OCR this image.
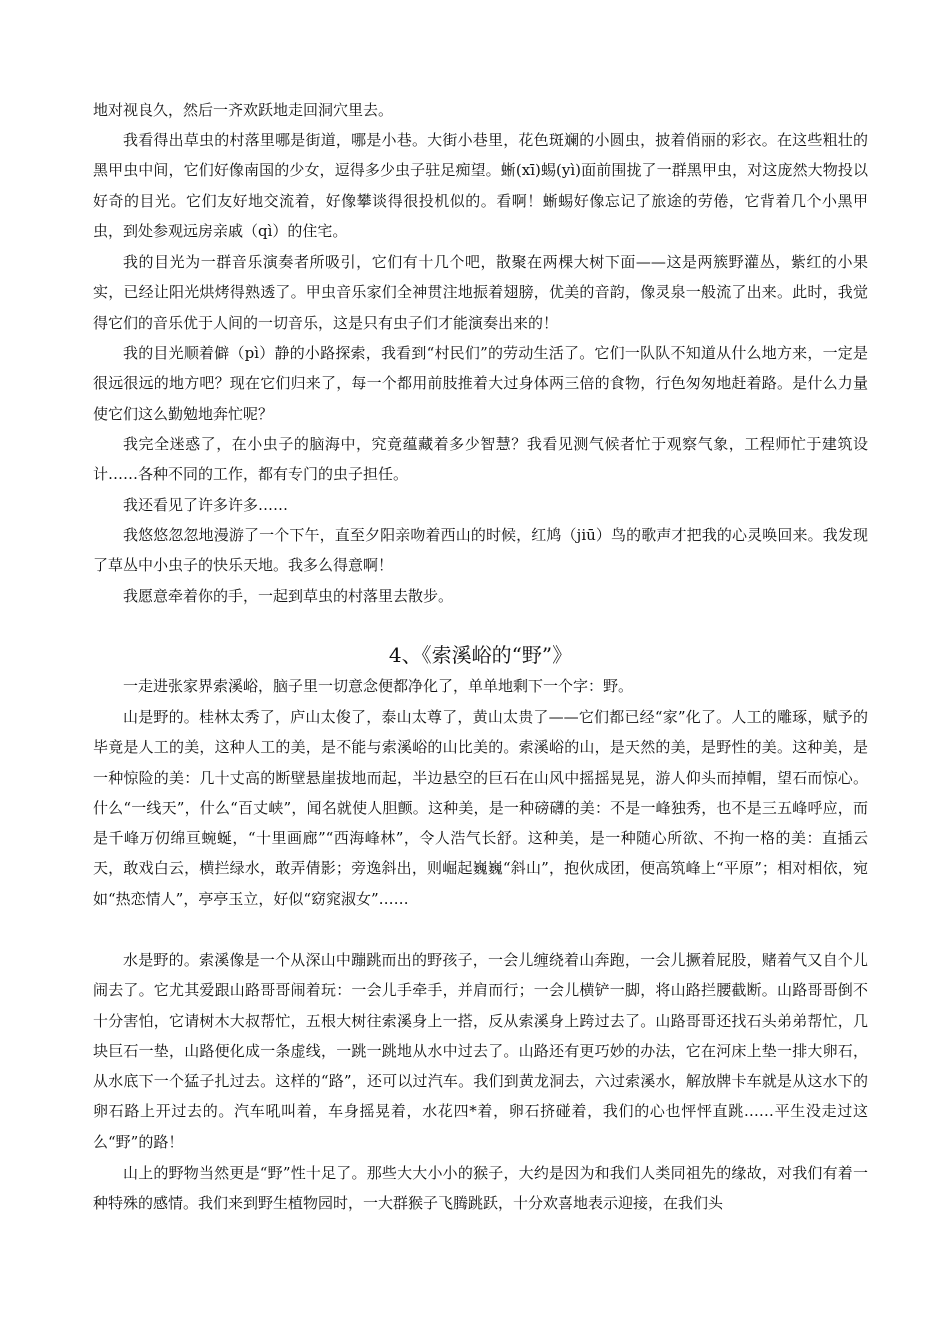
地对视良久，然后一齐欢跃地走回洞穴里去。

我看得出草虫的村落里哪是街道，哪是小巷。大街小巷里，花色斑斓的小圆虫，披着俏丽的彩衣。在这些粗壮的黑甲虫中间，它们好像南国的少女，逗得多少虫子驻足痴望。蜥(xī)蜴(yì)面前围拢了一群黑甲虫，对这庞然大物投以好奇的目光。它们友好地交流着，好像攀谈得很投机似的。看啊！蜥蜴好像忘记了旅途的劳倦，它背着几个小黑甲虫，到处参观远房亲戚（qì）的住宅。

我的目光为一群音乐演奏者所吸引，它们有十几个吧，散聚在两棵大树下面——这是两簇野灌丛，紫红的小果实，已经让阳光烘烤得熟透了。甲虫音乐家们全神贯注地振着翅膀，优美的音韵，像灵泉一般流了出来。此时，我觉得它们的音乐优于人间的一切音乐，这是只有虫子们才能演奏出来的！

我的目光顺着僻（pì）静的小路探索，我看到“村民们”的劳动生活了。它们一队队不知道从什么地方来，一定是很远很远的地方吧？现在它们归来了，每一个都用前肢推着大过身体两三倍的食物，行色匆匆地赶着路。是什么力量使它们这么勤勉地奔忙呢？

我完全迷惑了，在小虫子的脑海中，究竟蕴藏着多少智慧？我看见测气候者忙于观察气象，工程师忙于建筑设计……各种不同的工作，都有专门的虫子担任。

我还看见了许多许多……

我悠悠忽忽地漫游了一个下午，直至夕阳亲吻着西山的时候，红鸠（jiū）鸟的歌声才把我的心灵唤回来。我发现了草丛中小虫子的快乐天地。我多么得意啊！

我愿意牵着你的手，一起到草虫的村落里去散步。

4、《索溪峪的“野”》

一走进张家界索溪峪，脑子里一切意念便都净化了，单单地剩下一个字：野。

山是野的。桂林太秀了，庐山太俊了，泰山太尊了，黄山太贵了——它们都已经“家”化了。人工的雕琢，赋予的毕竟是人工的美，这种人工的美，是不能与索溪峪的山比美的。索溪峪的山，是天然的美，是野性的美。这种美，是一种惊险的美：几十丈高的断壁悬崖拔地而起，半边悬空的巨石在山风中摇摇晃晃，游人仰头而掉帽，望石而惊心。什么“一线天”，什么“百丈峡”，闻名就使人胆颤。这种美，是一种磅礴的美：不是一峰独秀，也不是三五峰呼应，而是千峰万仞绵亘蜿蜒，“十里画廊”“西海峰林”，令人浩气长舒。这种美，是一种随心所欲、不拘一格的美：直插云天，敢戏白云，横拦绿水，敢弄倩影；旁逸斜出，则崛起巍巍“斜山”，抱伙成团，便高筑峰上“平原”；相对相依，宛如“热恋情人”，亭亭玉立，好似“窈窕淑女”……

水是野的。索溪像是一个从深山中蹦跳而出的野孩子，一会儿缠绕着山奔跑，一会儿撅着屁股，赌着气又自个儿闹去了。它尤其爱跟山路哥哥闹着玩：一会儿手牵手，并肩而行；一会儿横铲一脚，将山路拦腰截断。山路哥哥倒不十分害怕，它请树木大叔帮忙，五根大树往索溪身上一搭，反从索溪身上跨过去了。山路哥哥还找石头弟弟帮忙，几块巨石一垫，山路便化成一条虚线，一跳一跳地从水中过去了。山路还有更巧妙的办法，它在河床上垫一排大卵石，从水底下一个猛子扎过去。这样的“路”，还可以过汽车。我们到黄龙洞去，六过索溪水，解放牌卡车就是从这水下的卵石路上开过去的。汽车吼叫着，车身摇晃着，水花四*着，卵石挤碰着，我们的心也怦怦直跳……平生没走过这么“野”的路！

山上的野物当然更是“野”性十足了。那些大大小小的猴子，大约是因为和我们人类同祖先的缘故，对我们有着一种特殊的感情。我们来到野生植物园时，一大群猴子飞腾跳跃，十分欢喜地表示迎接，在我们头
